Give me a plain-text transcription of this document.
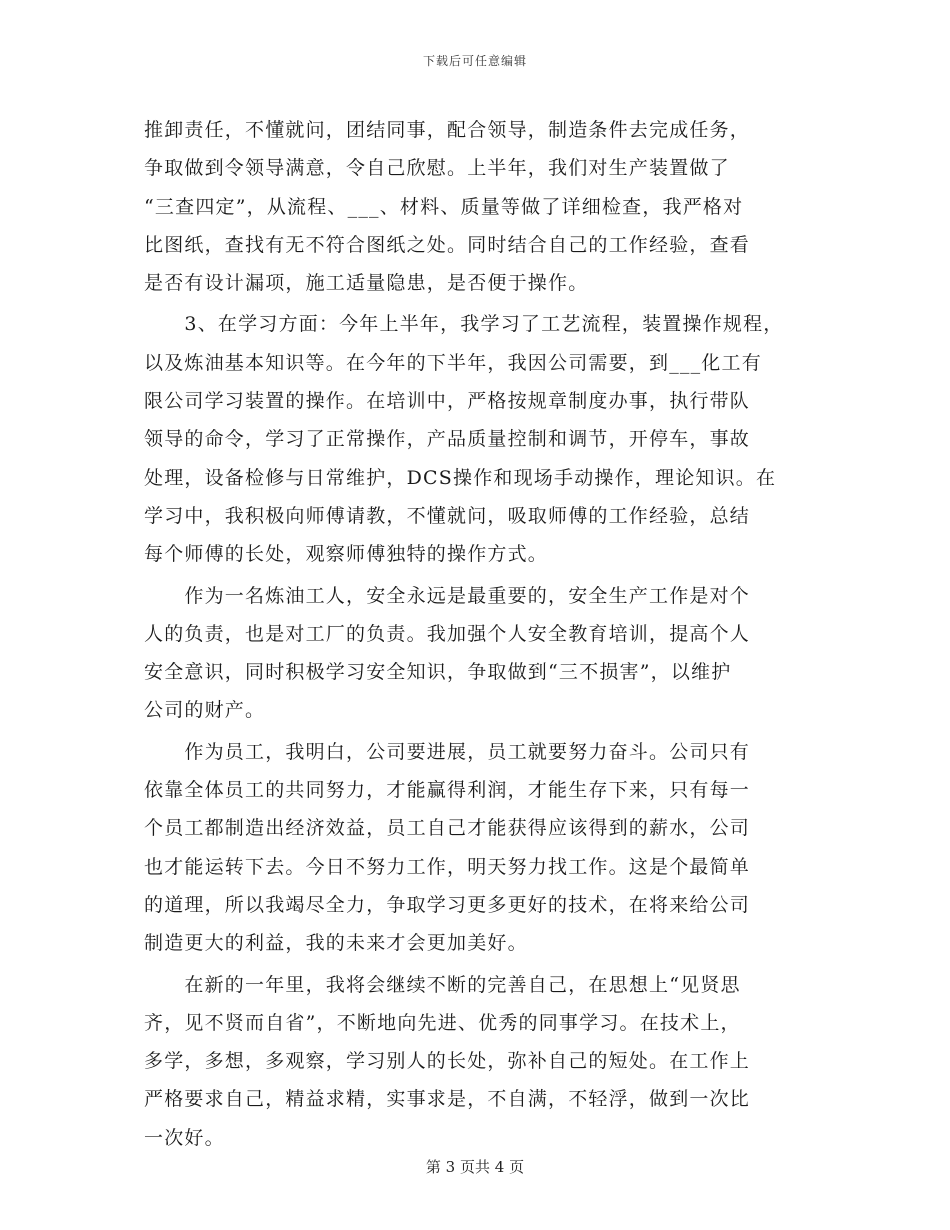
下载后可任意编辑
推卸责任，不懂就问，团结同事，配合领导，制造条件去完成任务，
争取做到令领导满意，令自己欣慰。上半年，我们对生产装置做了
“三查四定”，从流程、___、材料、质量等做了详细检查，我严格对
比图纸，查找有无不符合图纸之处。同时结合自己的工作经验，查看
是否有设计漏项，施工适量隐患，是否便于操作。
　　3、在学习方面：今年上半年，我学习了工艺流程，装置操作规程，
以及炼油基本知识等。在今年的下半年，我因公司需要，到___化工有
限公司学习装置的操作。在培训中，严格按规章制度办事，执行带队
领导的命令，学习了正常操作，产品质量控制和调节，开停车，事故
处理，设备检修与日常维护，DCS操作和现场手动操作，理论知识。在
学习中，我积极向师傅请教，不懂就问，吸取师傅的工作经验，总结
每个师傅的长处，观察师傅独特的操作方式。
　　作为一名炼油工人，安全永远是最重要的，安全生产工作是对个
人的负责，也是对工厂的负责。我加强个人安全教育培训，提高个人
安全意识，同时积极学习安全知识，争取做到“三不损害”，以维护
公司的财产。
　　作为员工，我明白，公司要进展，员工就要努力奋斗。公司只有
依靠全体员工的共同努力，才能赢得利润，才能生存下来，只有每一
个员工都制造出经济效益，员工自己才能获得应该得到的薪水，公司
也才能运转下去。今日不努力工作，明天努力找工作。这是个最简单
的道理，所以我竭尽全力，争取学习更多更好的技术，在将来给公司
制造更大的利益，我的未来才会更加美好。
　　在新的一年里，我将会继续不断的完善自己，在思想上“见贤思
齐，见不贤而自省”，不断地向先进、优秀的同事学习。在技术上，
多学，多想，多观察，学习别人的长处，弥补自己的短处。在工作上
严格要求自己，精益求精，实事求是，不自满，不轻浮，做到一次比
一次好。
第 3 页共 4 页
